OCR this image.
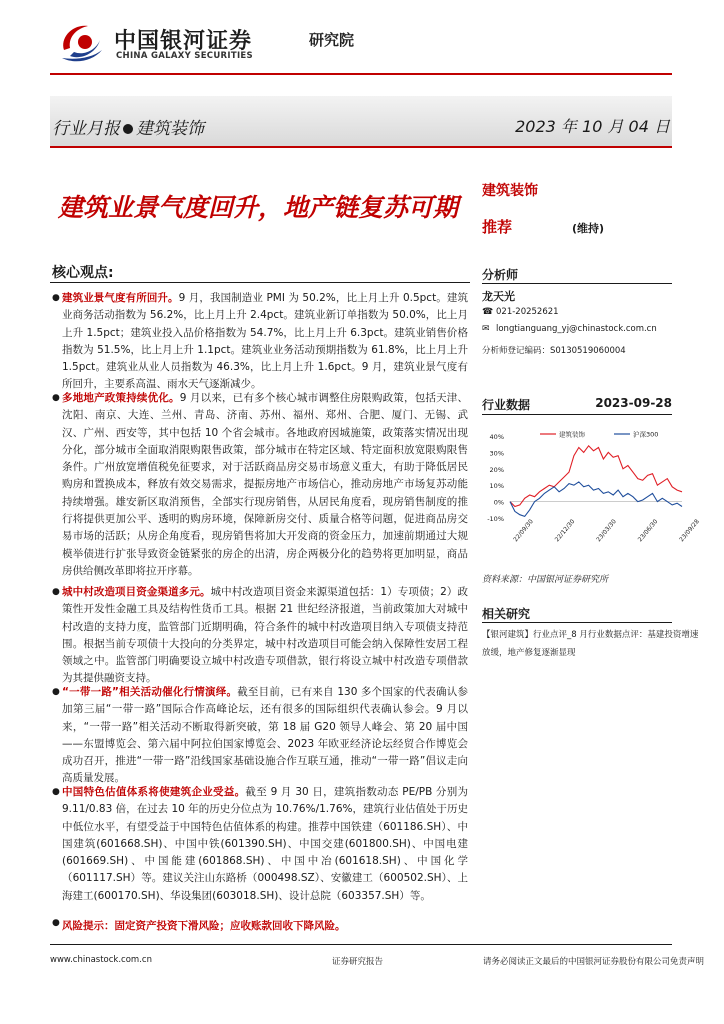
中国银河证券
CHINA GALAXY SECURITIES
研究院
行业月报 建筑装饰	2023 年 10 月 04 日
建筑业景气度回升，地产链复苏可期
建筑装饰
推荐	(维持)
分析师
龙天光
☎ 021-20252621
✉ longtianguang_yj@chinastock.com.cn
分析师登记编码：S0130519060004
行业数据	2023-09-28
40%
30%
20%
10%
0%
-10% 22/09/30	22/12/30	23/03/30	23/06/30	23/09/28
建筑装饰	沪深300
资料来源：中国银河证券研究所
相关研究
【银河建筑】行业点评_8 月行业数据点评：基建投资增速放缓，地产修复逐渐显现
核心观点:

● 建筑业景气度有所回升。9 月，我国制造业 PMI 为 50.2%，比上月上升 0.5pct。建筑业商务活动指数为 56.2%，比上月上升 2.4pct。建筑业新订单指数为 50.0%，比上月上升 1.5pct；建筑业投入品价格指数为 54.7%，比上月上升 6.3pct。建筑业销售价格指数为 51.5%，比上月上升 1.1pct。建筑业业务活动预期指数为 61.8%，比上月上升 1.5pct。建筑业从业人员指数为 46.3%，比上月上升 1.6pct。9 月，建筑业景气度有所回升，主要系高温、雨水天气逐渐减少。

● 多地地产政策持续优化。9 月以来，已有多个核心城市调整住房限购政策，包括天津、沈阳、南京、大连、兰州、青岛、济南、苏州、福州、郑州、合肥、厦门、无锡、武汉、广州、西安等，其中包括 10 个省会城市。各地政府因城施策，政策落实情况出现分化，部分城市全面取消限购限售政策，部分城市在特定区域、特定面积放宽限购限售条件。广州放宽增值税免征要求，对于活跃商品房交易市场意义重大，有助于降低居民购房和置换成本，释放有效交易需求，提振房地产市场信心，推动房地产市场复苏动能持续增强。雄安新区取消预售，全部实行现房销售，从居民角度看，现房销售制度的推行将提供更加公平、透明的购房环境，保障新房交付、质量合格等问题，促进商品房交易市场的活跃；从房企角度看，现房销售将加大开发商的资金压力，加速前期通过大规模举债进行扩张导致资金链紧张的房企的出清，房企两极分化的趋势将更加明显，商品房供给侧改革即将拉开序幕。

● 城中村改造项目资金渠道多元。城中村改造项目资金来源渠道包括：1）专项债；2）政策性开发性金融工具及结构性货币工具。根据 21 世纪经济报道，当前政策加大对城中村改造的支持力度，监管部门近期明确，符合条件的城中村改造项目纳入专项债支持范围。根据当前专项债十大投向的分类界定，城中村改造项目可能会纳入保障性安居工程领域之中。监管部门明确要设立城中村改造专项借款，银行将设立城中村改造专项借款为其提供融资支持。

● “一带一路”相关活动催化行情演绎。截至目前，已有来自 130 多个国家的代表确认参加第三届“一带一路”国际合作高峰论坛，还有很多的国际组织代表确认参会。9 月以来，“一带一路”相关活动不断取得新突破，第 18 届 G20 领导人峰会、第 20 届中国——东盟博览会、第六届中阿拉伯国家博览会、2023 年欧亚经济论坛经贸合作博览会成功召开，推进“一带一路”沿线国家基础设施合作互联互通，推动“一带一路”倡议走向高质量发展。

● 中国特色估值体系将使建筑企业受益。截至 9 月 30 日，建筑指数动态 PE/PB 分别为 9.11/0.83 倍，在过去 10 年的历史分位点为 10.76%/1.76%，建筑行业估值处于历史中低位水平，有望受益于中国特色估值体系的构建。推荐中国铁建（601186.SH）、中国建筑(601668.SH)、中国中铁(601390.SH)、中国交建(601800.SH)、中国电建(601669.SH)、中国能建(601868.SH)、中国中冶(601618.SH)、中国化学（601117.SH）等。建议关注山东路桥（000498.SZ）、安徽建工（600502.SH）、上海建工(600170.SH)、华设集团(603018.SH)、设计总院（603357.SH）等。

● 风险提示：固定资产投资下滑风险；应收账款回收下降风险。
www.chinastock.com.cn	证券研究报告	请务必阅读正文最后的中国银河证券股份有限公司免责声明
